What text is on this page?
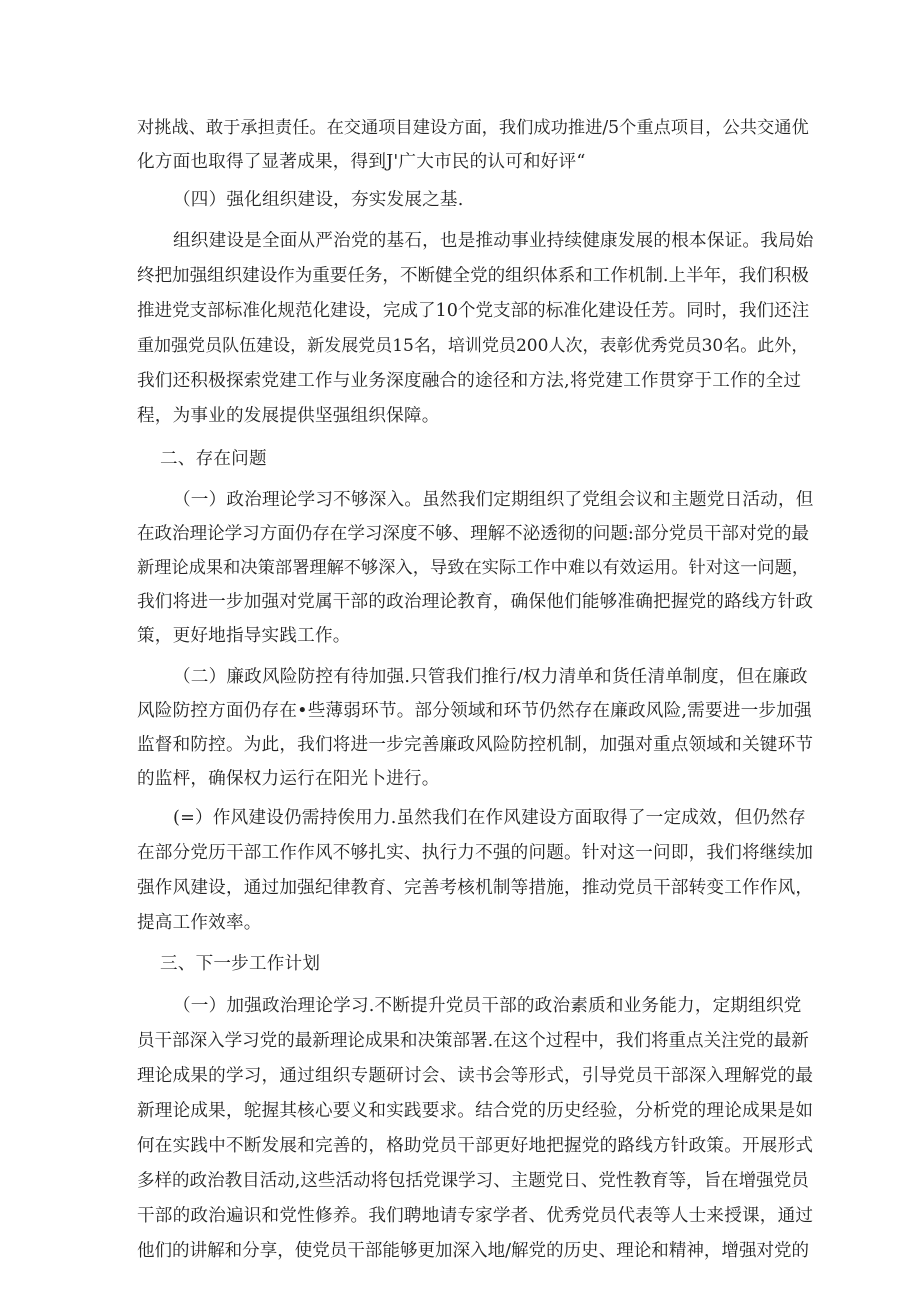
对挑战、敢于承担责任。在交通项目建设方面，我们成功推进/5个重点项目，公共交通优
化方面也取得了显著成果，得到J'广大市民的认可和好评“
（四）强化组织建设，夯实发展之基.
组织建设是全面从严治党的基石，也是推动事业持续健康发展的根本保证。我局始
终把加强组织建设作为重要任务，不断健全党的组织体系和工作机制.上半年，我们积极
推进党支部标准化规范化建设，完成了10个党支部的标准化建设任芳。同时，我们还注
重加强党员队伍建设，新发展党员15名，培训党员200人次，表彰优秀党员30名。此外，
我们还积极探索党建工作与业务深度融合的途径和方法,将党建工作贯穿于工作的全过
程，为事业的发展提供坚强组织保障。
二、存在问题
（一）政治理论学习不够深入。虽然我们定期组织了党组会议和主题党日活动，但
在政治理论学习方面仍存在学习深度不够、理解不泌透彻的问题:部分党员干部对党的最
新理论成果和决策部署理解不够深入，导致在实际工作中难以有效运用。针对这一问题，
我们将进一步加强对党属干部的政治理论教育，确保他们能够准确把握党的路线方针政
策，更好地指导实践工作。
（二）廉政风险防控有待加强.只管我们推行/权力清单和货任清单制度，但在廉政
风险防控方面仍存在•些薄弱环节。部分领域和环节仍然存在廉政风险,需要进一步加强
监督和防控。为此，我们将进一步完善廉政风险防控机制，加强对重点领域和关键环节
的监枰，确保权力运行在阳光卜进行。
(=）作风建设仍需持俟用力.虽然我们在作风建设方面取得了一定成效，但仍然存
在部分党历干部工作作风不够扎实、执行力不强的问题。针对这一问即，我们将继续加
强作风建设，通过加强纪律教育、完善考核机制等措施，推动党员干部转变工作作风，
提高工作效率。
三、下一步工作计划
（一）加强政治理论学习.不断提升党员干部的政治素质和业务能力，定期组织党
员干部深入学习党的最新理论成果和决策部署.在这个过程中，我们将重点关注党的最新
理论成果的学习，通过组织专题研讨会、读书会等形式，引导党员干部深入理解党的最
新理论成果，鸵握其核心要义和实践要求。结合党的历史经验，分析党的理论成果是如
何在实践中不断发展和完善的，格助党员干部更好地把握党的路线方针政策。开展形式
多样的政治教目活动,这些活动将包括党课学习、主题党日、党性教育等，旨在增强党员
干部的政治遍识和党性修养。我们聘地请专家学者、优秀党员代表等人士来授课，通过
他们的讲解和分享，使党员干部能够更加深入地/解党的历史、理论和精神，增强对党的
